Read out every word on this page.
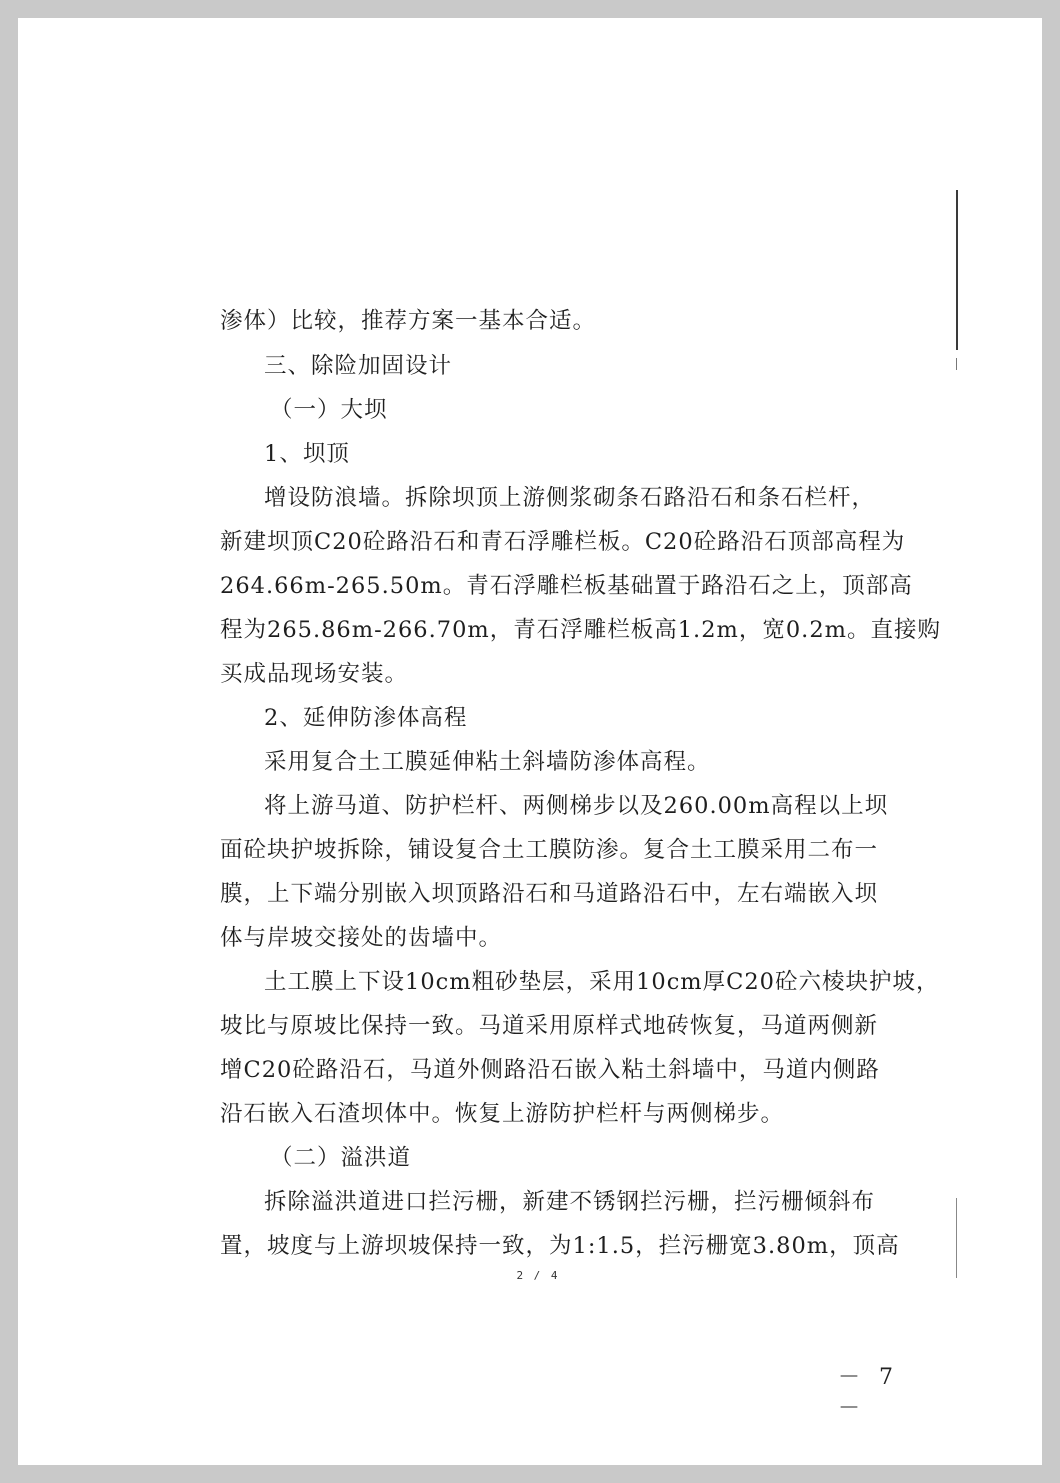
渗体）比较，推荐方案一基本合适。
三、除险加固设计
（一）大坝
1、坝顶
增设防浪墙。拆除坝顶上游侧浆砌条石路沿石和条石栏杆，
新建坝顶C20砼路沿石和青石浮雕栏板。C20砼路沿石顶部高程为
264.66m-265.50m。青石浮雕栏板基础置于路沿石之上，顶部高
程为265.86m-266.70m，青石浮雕栏板高1.2m，宽0.2m。直接购
买成品现场安装。
2、延伸防渗体高程
采用复合土工膜延伸粘土斜墙防渗体高程。
将上游马道、防护栏杆、两侧梯步以及260.00m高程以上坝
面砼块护坡拆除，铺设复合土工膜防渗。复合土工膜采用二布一
膜，上下端分别嵌入坝顶路沿石和马道路沿石中，左右端嵌入坝
体与岸坡交接处的齿墙中。
土工膜上下设10cm粗砂垫层，采用10cm厚C20砼六棱块护坡，
坡比与原坡比保持一致。马道采用原样式地砖恢复，马道两侧新
增C20砼路沿石，马道外侧路沿石嵌入粘土斜墙中，马道内侧路
沿石嵌入石渣坝体中。恢复上游防护栏杆与两侧梯步。
（二）溢洪道
拆除溢洪道进口拦污栅，新建不锈钢拦污栅，拦污栅倾斜布
置，坡度与上游坝坡保持一致，为1:1.5，拦污栅宽3.80m，顶高
2 / 4
－ 7 －
